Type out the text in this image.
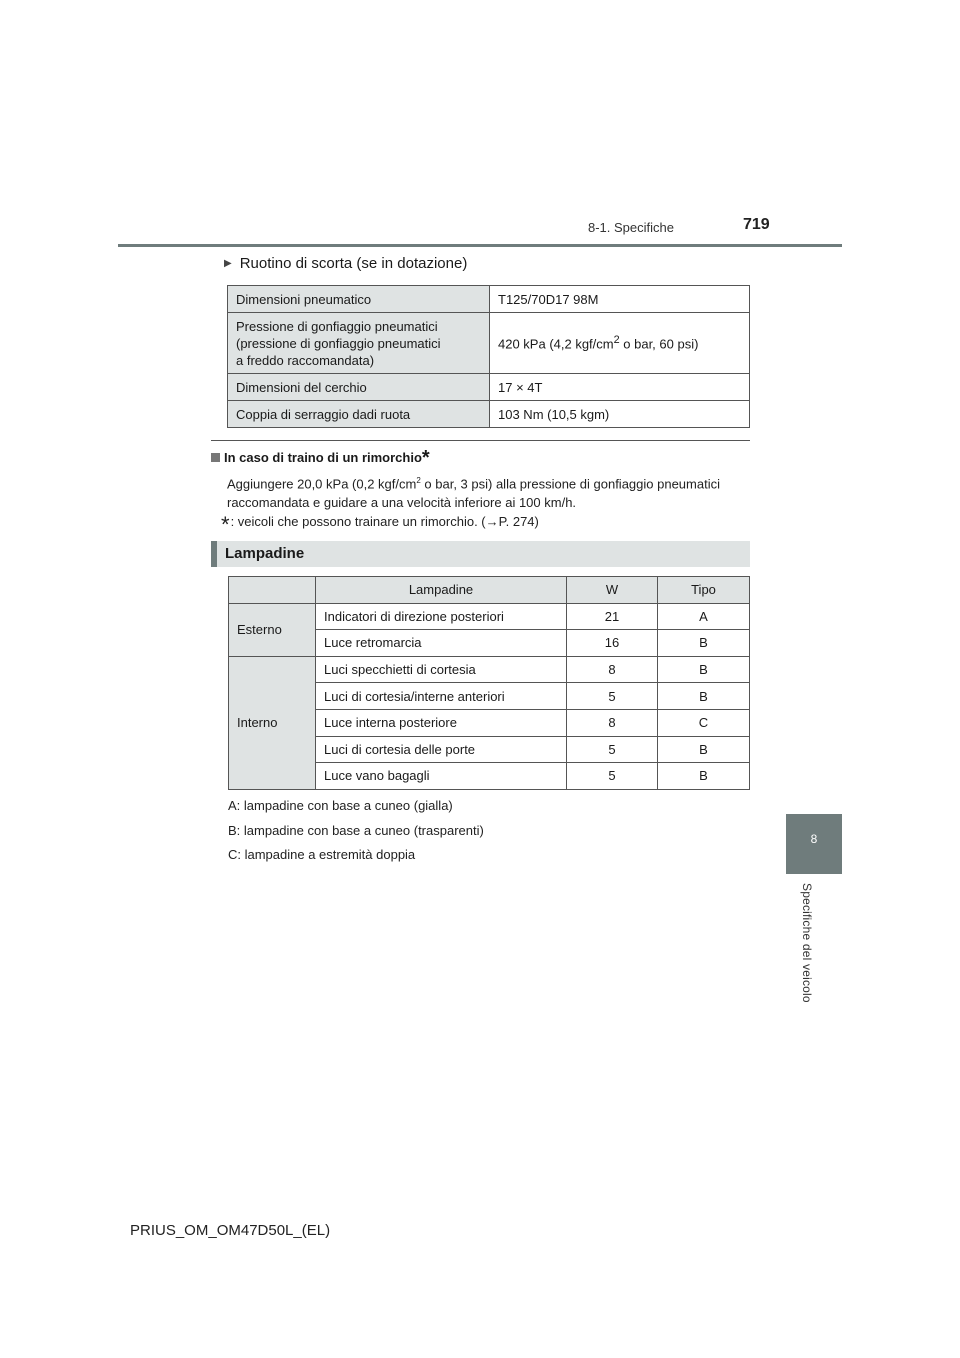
8-1. Specifiche	719
8
Specifiche del veicolo
▶ Ruotino di scorta (se in dotazione)
Dimensioni pneumatico	T125/70D17 98M

Pressione di gonfiaggio pneumatici
(pressione di gonfiaggio pneumatici
a freddo raccomandata)	420 kPa (4,2 kgf/$cm^2$ o bar, 60 psi)
Dimensioni del cerchio	17 × 4T
Coppia di serraggio dadi ruota	103 Nm (10,5 kgm)
In caso di traino di un rimorchio*
Aggiungere 20,0 kPa (0,2 kgf/$cm^2$ o bar, 3 psi) alla pressione di gonfiaggio pneumatici raccomandata e guidare a una velocità inferiore ai 100 km/h.
*: veicoli che possono trainare un rimorchio. (→P. 274)
Lampadine
	Lampadine	W	Tipo
Esterno	Indicatori di direzione posteriori	21	A
	Luce retromarcia	16	B
Interno	Luci specchietti di cortesia	8	B
	Luci di cortesia/interne anteriori	5	B
	Luce interna posteriore	8	C
	Luci di cortesia delle porte	5	B
	Luce vano bagagli	5	B
A: lampadine con base a cuneo (gialla)
B: lampadine con base a cuneo (trasparenti)
C: lampadine a estremità doppia
PRIUS_OM_OM47D50L_(EL)
